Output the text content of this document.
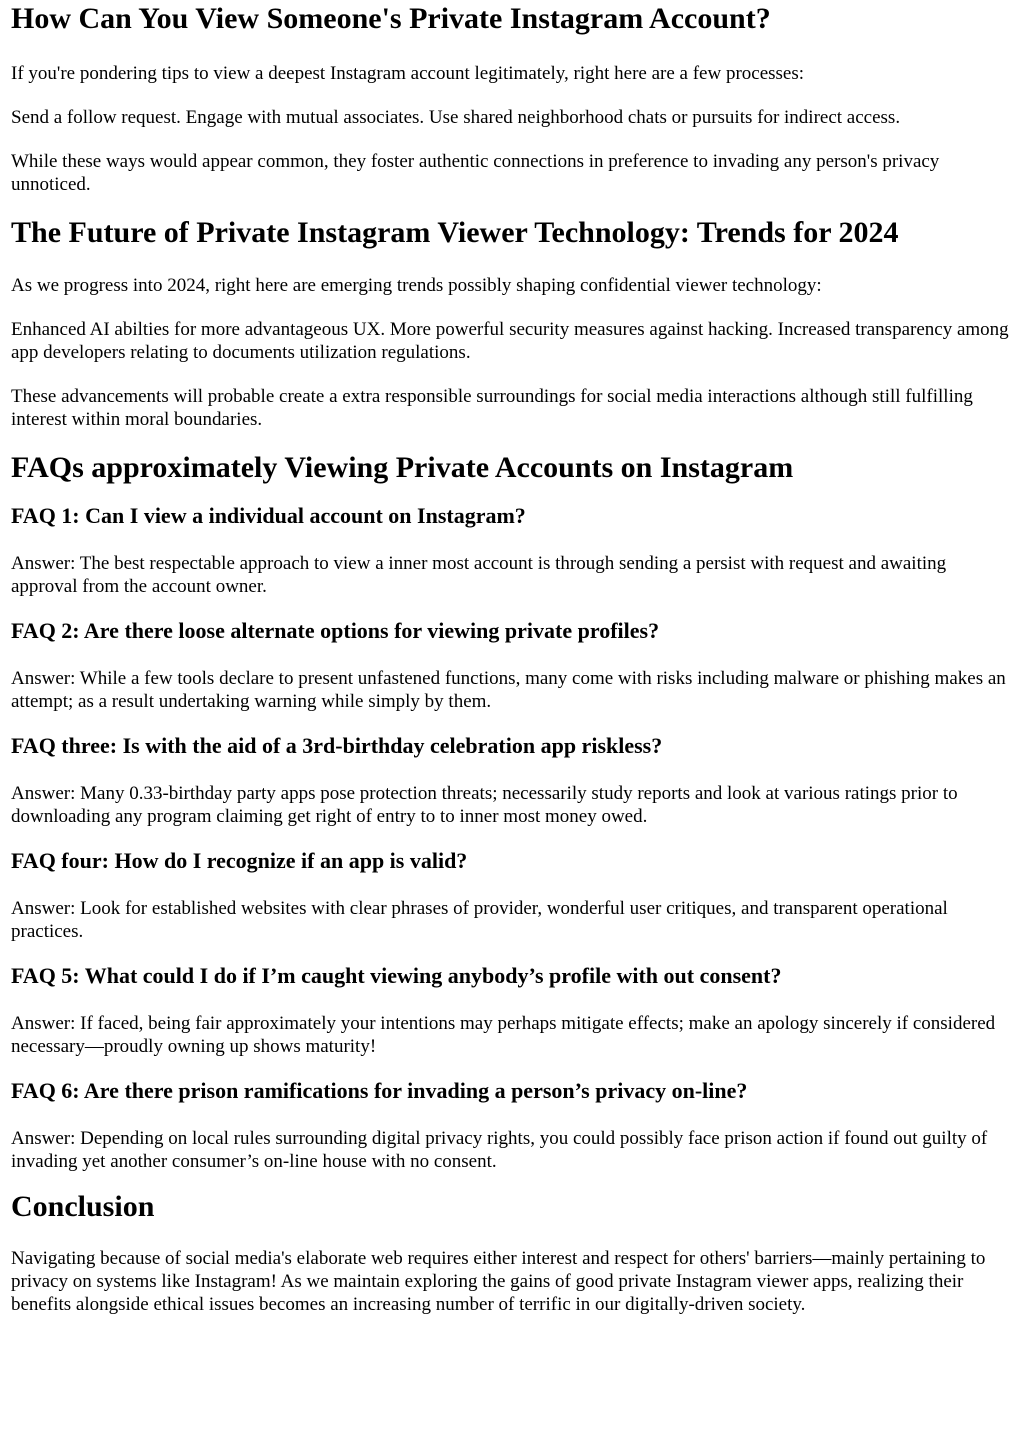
How Can You View Someone's Private Instagram Account?

If you're pondering tips to view a deepest Instagram account legitimately, right here are a few processes:

Send a follow request. Engage with mutual associates. Use shared neighborhood chats or pursuits for indirect access.

While these ways would appear common, they foster authentic connections in preference to invading any person's privacy unnoticed.

The Future of Private Instagram Viewer Technology: Trends for 2024

As we progress into 2024, right here are emerging trends possibly shaping confidential viewer technology:

Enhanced AI abilties for more advantageous UX. More powerful security measures against hacking. Increased transparency among app developers relating to documents utilization regulations.

These advancements will probable create a extra responsible surroundings for social media interactions although still fulfilling interest within moral boundaries.

FAQs approximately Viewing Private Accounts on Instagram
FAQ 1: Can I view a individual account on Instagram?

Answer: The best respectable approach to view a inner most account is through sending a persist with request and awaiting approval from the account owner.

FAQ 2: Are there loose alternate options for viewing private profiles?

Answer: While a few tools declare to present unfastened functions, many come with risks including malware or phishing makes an attempt; as a result undertaking warning while simply by them.

FAQ three: Is with the aid of a 3rd-birthday celebration app riskless?

Answer: Many 0.33-birthday party apps pose protection threats; necessarily study reports and look at various ratings prior to downloading any program claiming get right of entry to to inner most money owed.

FAQ four: How do I recognize if an app is valid?

Answer: Look for established websites with clear phrases of provider, wonderful user critiques, and transparent operational practices.

FAQ 5: What could I do if I’m caught viewing anybody’s profile with out consent?

Answer: If faced, being fair approximately your intentions may perhaps mitigate effects; make an apology sincerely if considered necessary—proudly owning up shows maturity!

FAQ 6: Are there prison ramifications for invading a person’s privacy on-line?

Answer: Depending on local rules surrounding digital privacy rights, you could possibly face prison action if found out guilty of invading yet another consumer’s on-line house with no consent.

Conclusion

Navigating because of social media's elaborate web requires either interest and respect for others' barriers—mainly pertaining to privacy on systems like Instagram! As we maintain exploring the gains of good private Instagram viewer apps, realizing their benefits alongside ethical issues becomes an increasing number of terrific in our digitally-driven society.
